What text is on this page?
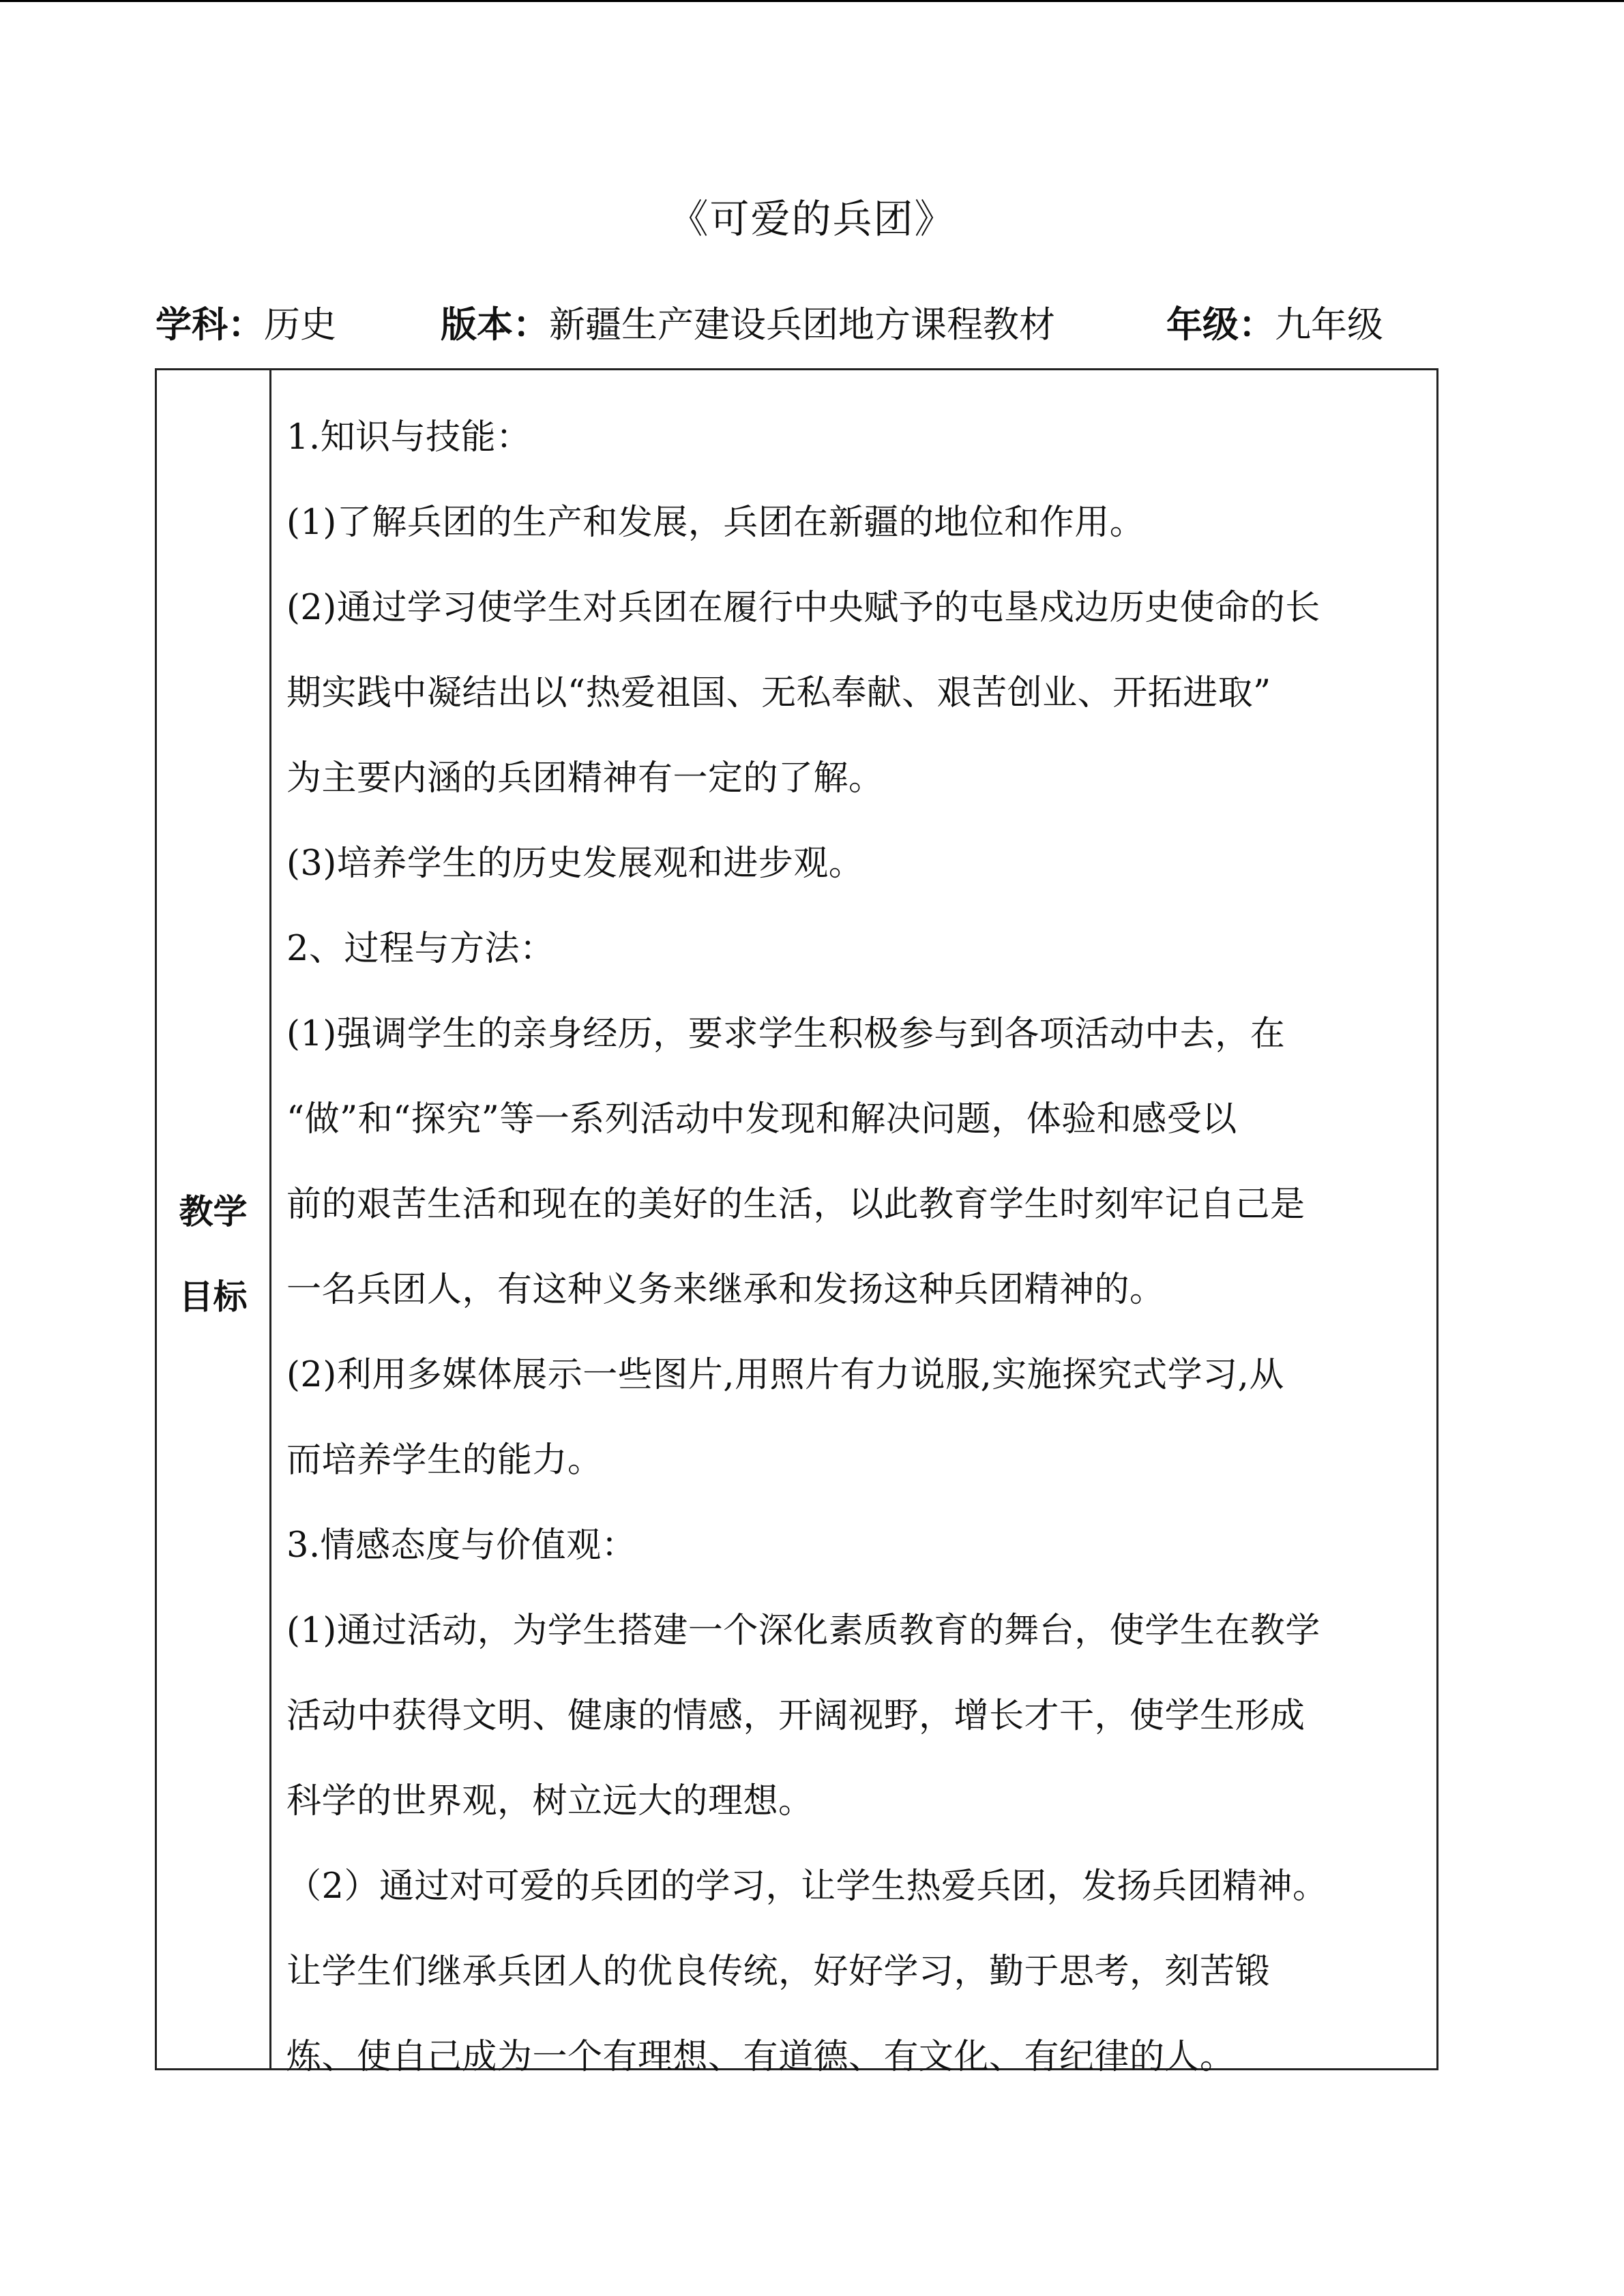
《可爱的兵团》
学科：历史	版本：新疆生产建设兵团地方课程教材	年级：九年级
教学
目标
1.知识与技能：
(1)了解兵团的生产和发展，兵团在新疆的地位和作用。
(2)通过学习使学生对兵团在履行中央赋予的屯垦戍边历史使命的长
期实践中凝结出以“热爱祖国、无私奉献、艰苦创业、开拓进取”
为主要内涵的兵团精神有一定的了解。
(3)培养学生的历史发展观和进步观。
2、过程与方法：
(1)强调学生的亲身经历，要求学生积极参与到各项活动中去，在
“做”和“探究”等一系列活动中发现和解决问题，体验和感受以
前的艰苦生活和现在的美好的生活，以此教育学生时刻牢记自己是
一名兵团人，有这种义务来继承和发扬这种兵团精神的。
(2)利用多媒体展示一些图片,用照片有力说服,实施探究式学习,从
而培养学生的能力。
3.情感态度与价值观：
(1)通过活动，为学生搭建一个深化素质教育的舞台，使学生在教学
活动中获得文明、健康的情感，开阔视野，增长才干，使学生形成
科学的世界观，树立远大的理想。
（2）通过对可爱的兵团的学习，让学生热爱兵团，发扬兵团精神。
让学生们继承兵团人的优良传统，好好学习，勤于思考，刻苦锻
炼、使自己成为一个有理想、有道德、有文化、有纪律的人。
